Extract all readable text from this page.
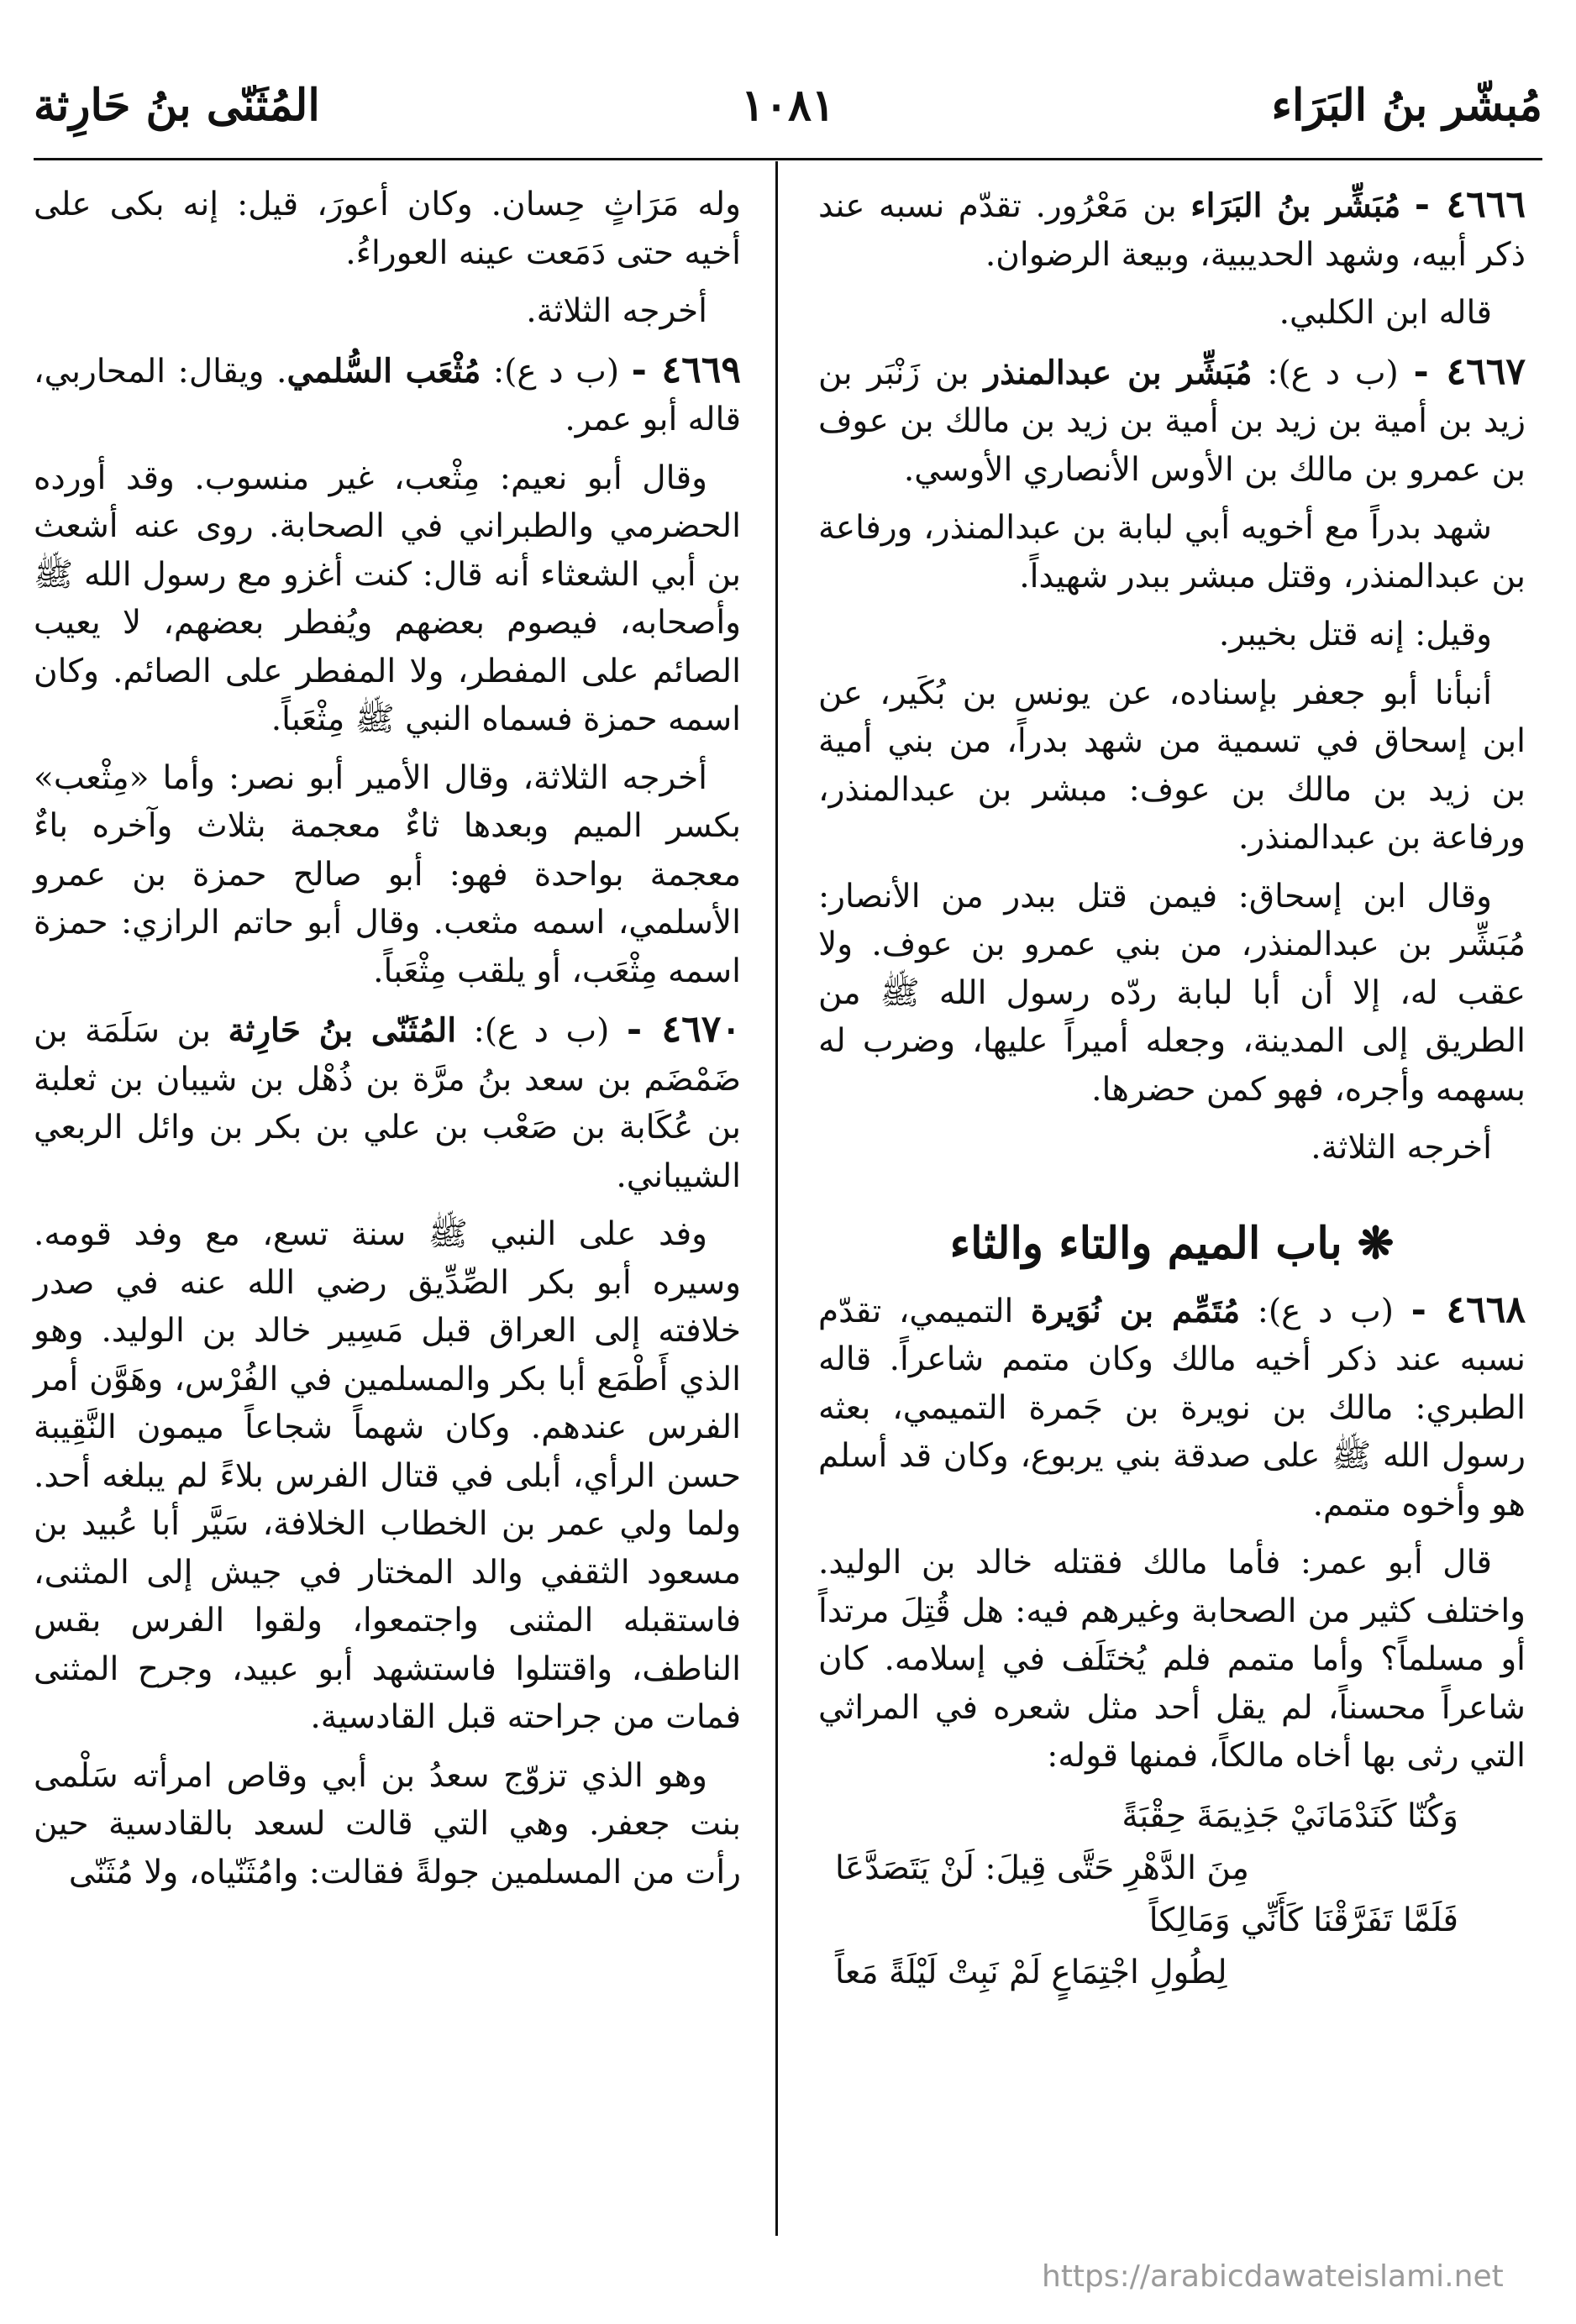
مُبشّر بنُ البَرَاء
١٠٨١
المُثَنّى بنُ حَارِثة

٤٦٦٦ - مُبَشِّر بنُ البَرَاء بن مَعْرُور. تقدّم نسبه عند ذكر أبيه، وشهد الحديبية، وبيعة الرضوان.

قاله ابن الكلبي.

٤٦٦٧ - (ب د ع): مُبَشِّر بن عبدالمنذر بن زَنْبَر بن زيد بن أمية بن زيد بن أمية بن زيد بن مالك بن عوف بن عمرو بن مالك بن الأوس الأنصاري الأوسي.

شهد بدراً مع أخويه أبي لبابة بن عبدالمنذر، ورفاعة بن عبدالمنذر، وقتل مبشر ببدر شهيداً.

وقيل: إنه قتل بخيبر.

أنبأنا أبو جعفر بإسناده، عن يونس بن بُكَير، عن ابن إسحاق في تسمية من شهد بدراً، من بني أمية بن زيد بن مالك بن عوف: مبشر بن عبدالمنذر، ورفاعة بن عبدالمنذر.

وقال ابن إسحاق: فيمن قتل ببدر من الأنصار: مُبَشِّر بن عبدالمنذر، من بني عمرو بن عوف. ولا عقب له، إلا أن أبا لبابة ردّه رسول الله ﷺ من الطريق إلى المدينة، وجعله أميراً عليها، وضرب له بسهمه وأجره، فهو كمن حضرها.

أخرجه الثلاثة.

❋ باب الميم والتاء والثاء

٤٦٦٨ - (ب د ع): مُتَمِّم بن نُوَيرة التميمي، تقدّم نسبه عند ذكر أخيه مالك وكان متمم شاعراً. قاله الطبري: مالك بن نويرة بن جَمرة التميمي، بعثه رسول الله ﷺ على صدقة بني يربوع، وكان قد أسلم هو وأخوه متمم.

قال أبو عمر: فأما مالك فقتله خالد بن الوليد. واختلف كثير من الصحابة وغيرهم فيه: هل قُتِلَ مرتداً أو مسلماً؟ وأما متمم فلم يُختَلَف في إسلامه. كان شاعراً محسناً، لم يقل أحد مثل شعره في المراثي التي رثى بها أخاه مالكاً، فمنها قوله:

وَكُنّا كَنَدْمَانَيْ جَذِيمَةَ حِقْبَةً
مِنَ الدَّهْرِ حَتَّى قِيلَ: لَنْ يَتَصَدَّعَا
فَلَمَّا تَفَرَّقْنَا كَأَنِّي وَمَالِكاً
لِطُولِ اجْتِمَاعٍ لَمْ نَبِتْ لَيْلَةً مَعاً

وله مَرَاثٍ حِسان. وكان أعورَ، قيل: إنه بكى على أخيه حتى دَمَعت عينه العوراءُ.

أخرجه الثلاثة.

٤٦٦٩ - (ب د ع): مُثْعَب السُّلمي. ويقال: المحاربي، قاله أبو عمر.

وقال أبو نعيم: مِثْعب، غير منسوب. وقد أورده الحضرمي والطبراني في الصحابة. روى عنه أشعث بن أبي الشعثاء أنه قال: كنت أغزو مع رسول الله ﷺ وأصحابه، فيصوم بعضهم ويُفطر بعضهم، لا يعيب الصائم على المفطر، ولا المفطر على الصائم. وكان اسمه حمزة فسماه النبي ﷺ مِثْعَباً.

أخرجه الثلاثة، وقال الأمير أبو نصر: وأما «مِثْعب» بكسر الميم وبعدها ثاءٌ معجمة بثلاث وآخره باءٌ معجمة بواحدة فهو: أبو صالح حمزة بن عمرو الأسلمي، اسمه مثعب. وقال أبو حاتم الرازي: حمزة اسمه مِثْعَب، أو يلقب مِثْعَباً.

٤٦٧٠ - (ب د ع): المُثَنّى بنُ حَارِثة بن سَلَمَة بن ضَمْضَم بن سعد بنُ مرَّة بن ذُهْل بن شيبان بن ثعلبة بن عُكَابة بن صَعْب بن علي بن بكر بن وائل الربعي الشيباني.

وفد على النبي ﷺ سنة تسع، مع وفد قومه. وسيره أبو بكر الصِّدِّيق رضي الله عنه في صدر خلافته إلى العراق قبل مَسِير خالد بن الوليد. وهو الذي أَطْمَع أبا بكر والمسلمين في الفُرْس، وهَوَّن أمر الفرس عندهم. وكان شهماً شجاعاً ميمون النَّقِيبة حسن الرأي، أبلى في قتال الفرس بلاءً لم يبلغه أحد. ولما ولي عمر بن الخطاب الخلافة، سَيَّر أبا عُبيد بن مسعود الثقفي والد المختار في جيش إلى المثنى، فاستقبله المثنى واجتمعوا، ولقوا الفرس بقس الناطف، واقتتلوا فاستشهد أبو عبيد، وجرح المثنى فمات من جراحته قبل القادسية.

وهو الذي تزوّج سعدُ بن أبي وقاص امرأته سَلْمى بنت جعفر. وهي التي قالت لسعد بالقادسية حين رأت من المسلمين جولةً فقالت: وامُثَنّياه، ولا مُثَنّى

https://arabicdawateislami.net
